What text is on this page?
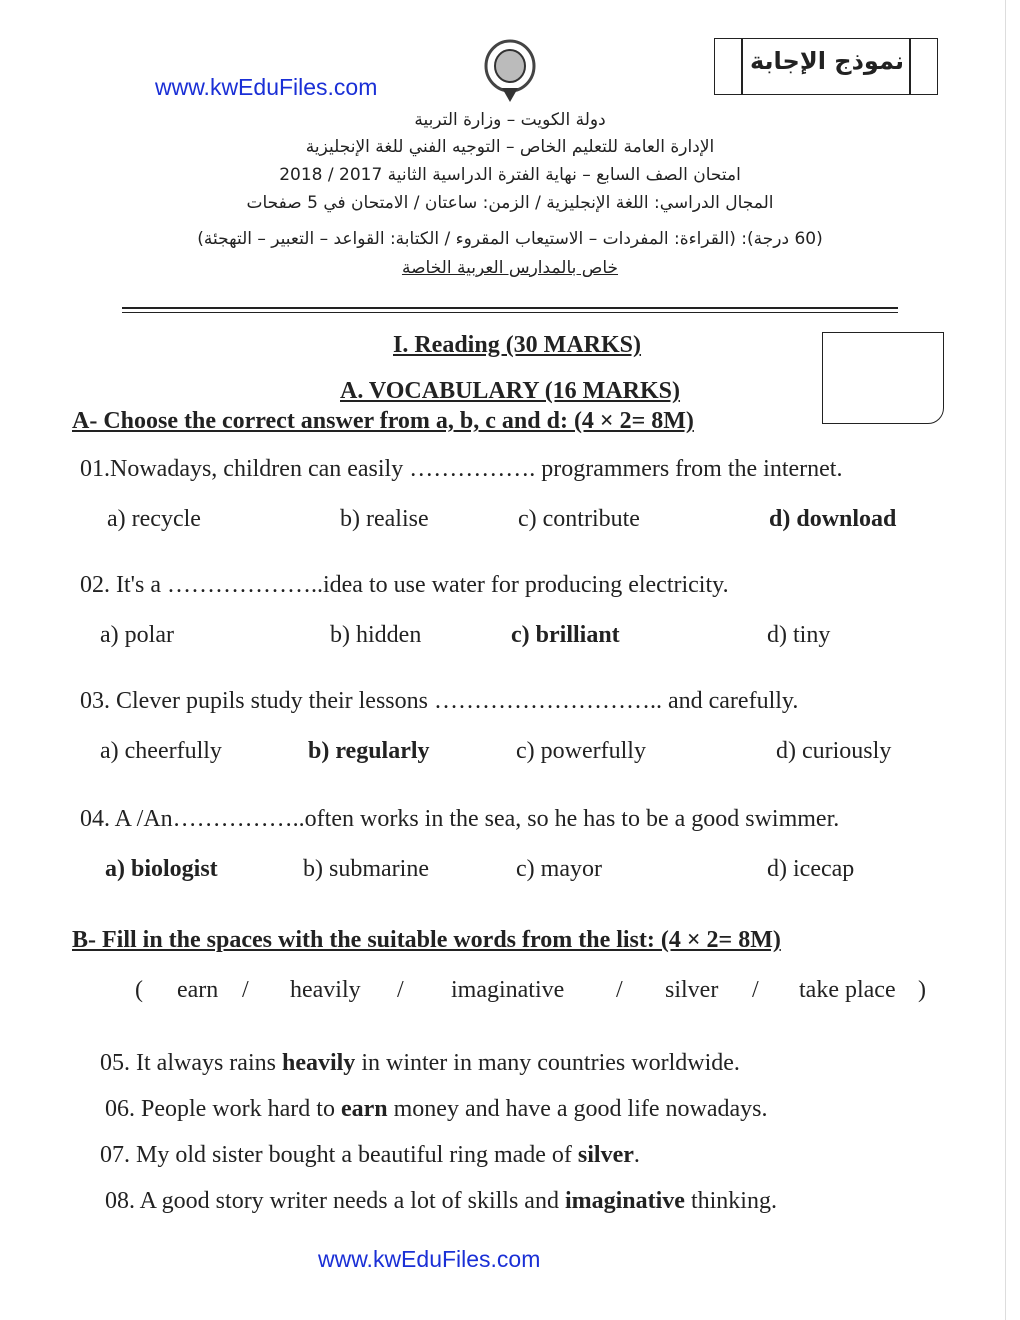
www.kwEduFiles.com
نموذج الإجابة
دولة الكويت – وزارة التربية
الإدارة العامة للتعليم الخاص – التوجيه الفني للغة الإنجليزية
امتحان الصف السابع – نهاية الفترة الدراسية الثانية 2017 / 2018
المجال الدراسي: اللغة الإنجليزية / الزمن: ساعتان / الامتحان في 5 صفحات
(60 درجة): (القراءة: المفردات – الاستيعاب المقروء / الكتابة: القواعد – التعبير – التهجئة)
خاص بالمدارس العربية الخاصة
I. Reading (30 MARKS)
A. VOCABULARY (16 MARKS)
A- Choose the correct answer from a, b, c and d: (4 × 2= 8M)
B- Fill in the spaces with the suitable words from the list: (4 × 2= 8M)
www.kwEduFiles.com
01.Nowadays, children can easily ……………. programmers from the internet.
a) recycle	b) realise	c) contribute	d) download
02. It's a ………………..idea to use water for producing electricity.
a) polar	b) hidden	c) brilliant	d) tiny
03. Clever pupils study their lessons ……………………….. and carefully.
a) cheerfully	b) regularly	c) powerfully	d) curiously
04. A /An……………..often works in the sea, so he has to be a good swimmer.
a) biologist	b) submarine	c) mayor	d) icecap
( earn / heavily / imaginative / silver / take place )
05. It always rains heavily in winter in many countries worldwide.
06. People work hard to earn money and have a good life nowadays.
07. My old sister bought a beautiful ring made of silver.
08. A good story writer needs a lot of skills and imaginative thinking.
